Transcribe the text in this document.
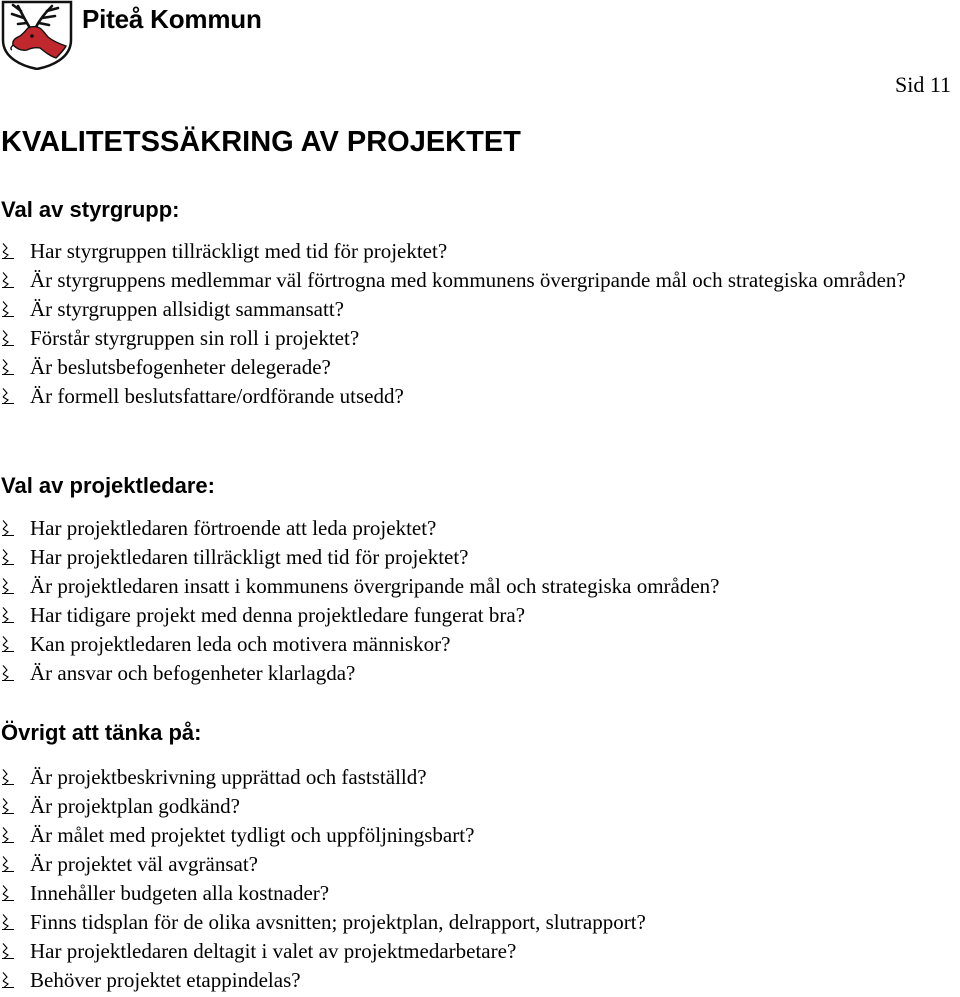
Piteå Kommun
Sid 11
KVALITETSSÄKRING AV PROJEKTET
Val av styrgrupp:
Har styrgruppen tillräckligt med tid för projektet?
Är styrgruppens medlemmar väl förtrogna med kommunens övergripande mål och strategiska områden?
Är styrgruppen allsidigt sammansatt?
Förstår styrgruppen sin roll i projektet?
Är beslutsbefogenheter delegerade?
Är formell beslutsfattare/ordförande utsedd?
Val av projektledare:
Har projektledaren förtroende att leda projektet?
Har projektledaren tillräckligt med tid för projektet?
Är projektledaren insatt i kommunens övergripande mål och strategiska områden?
Har tidigare projekt med denna projektledare fungerat bra?
Kan projektledaren leda och motivera människor?
Är ansvar och befogenheter klarlagda?
Övrigt att tänka på:
Är projektbeskrivning upprättad och fastställd?
Är projektplan godkänd?
Är målet med projektet tydligt och uppföljningsbart?
Är projektet väl avgränsat?
Innehåller budgeten alla kostnader?
Finns tidsplan för de olika avsnitten; projektplan, delrapport, slutrapport?
Har projektledaren deltagit i valet av projektmedarbetare?
Behöver projektet etappindelas?
